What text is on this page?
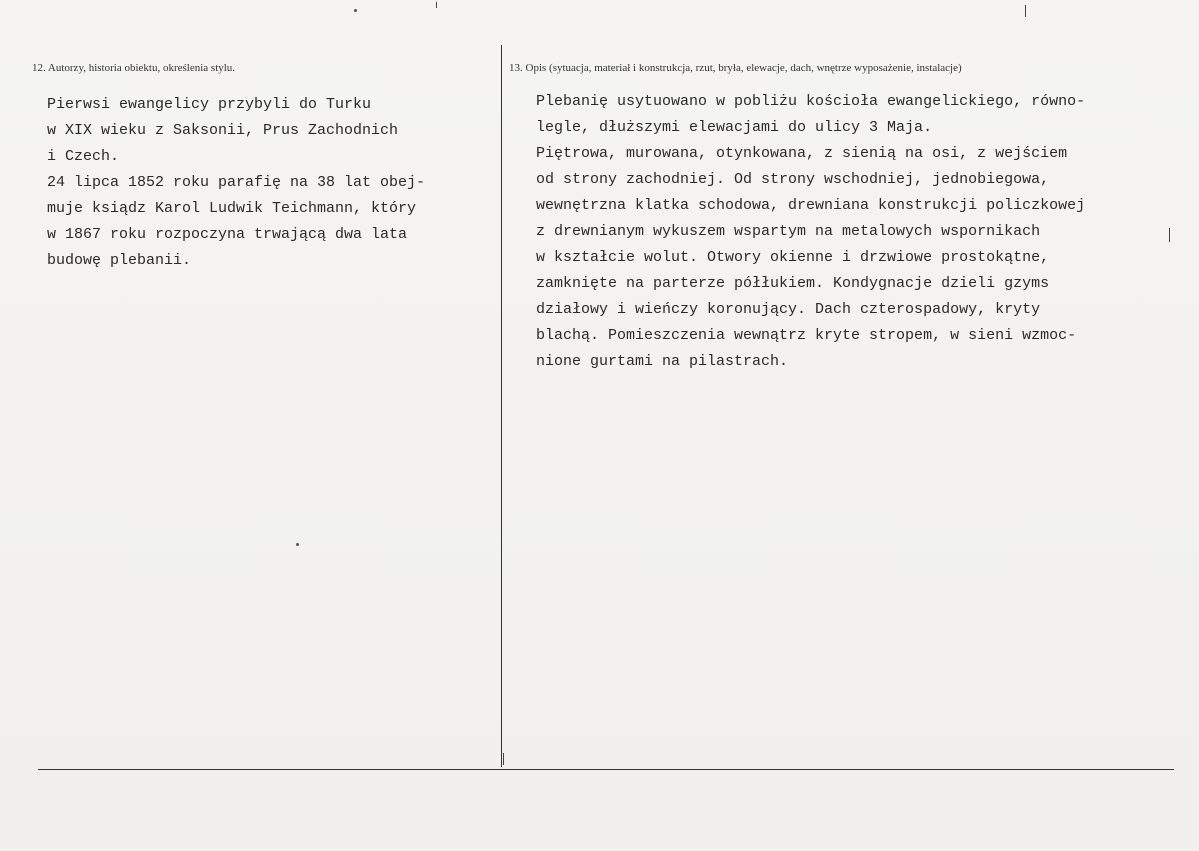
12. Autorzy, historia obiektu, określenia stylu.	13. Opis (sytuacja, materiał i konstrukcja, rzut, bryła, elewacje, dach, wnętrze wyposażenie, instalacje)
Pierwsi ewangelicy przybyli do Turku
w XIX wieku z Saksonii, Prus Zachodnich
i Czech.
24 lipca 1852 roku parafię na 38 lat obej-
muje ksiądz Karol Ludwik Teichmann, który
w 1867 roku rozpoczyna trwającą dwa lata
budowę plebanii.
Plebanię usytuowano w pobliżu kościoła ewangelickiego, równo-
legle, dłuższymi elewacjami do ulicy 3 Maja.
Piętrowa, murowana, otynkowana, z sienią na osi, z wejściem
od strony zachodniej. Od strony wschodniej, jednobiegowa,
wewnętrzna klatka schodowa, drewniana konstrukcji policzkowej
z drewnianym wykuszem wspartym na metalowych wspornikach
w kształcie wolut. Otwory okienne i drzwiowe prostokątne,
zamknięte na parterze półłukiem. Kondygnacje dzieli gzyms
działowy i wieńczy koronujący. Dach czterospadowy, kryty
blachą. Pomieszczenia wewnątrz kryte stropem, w sieni wzmoc-
nione gurtami na pilastrach.
